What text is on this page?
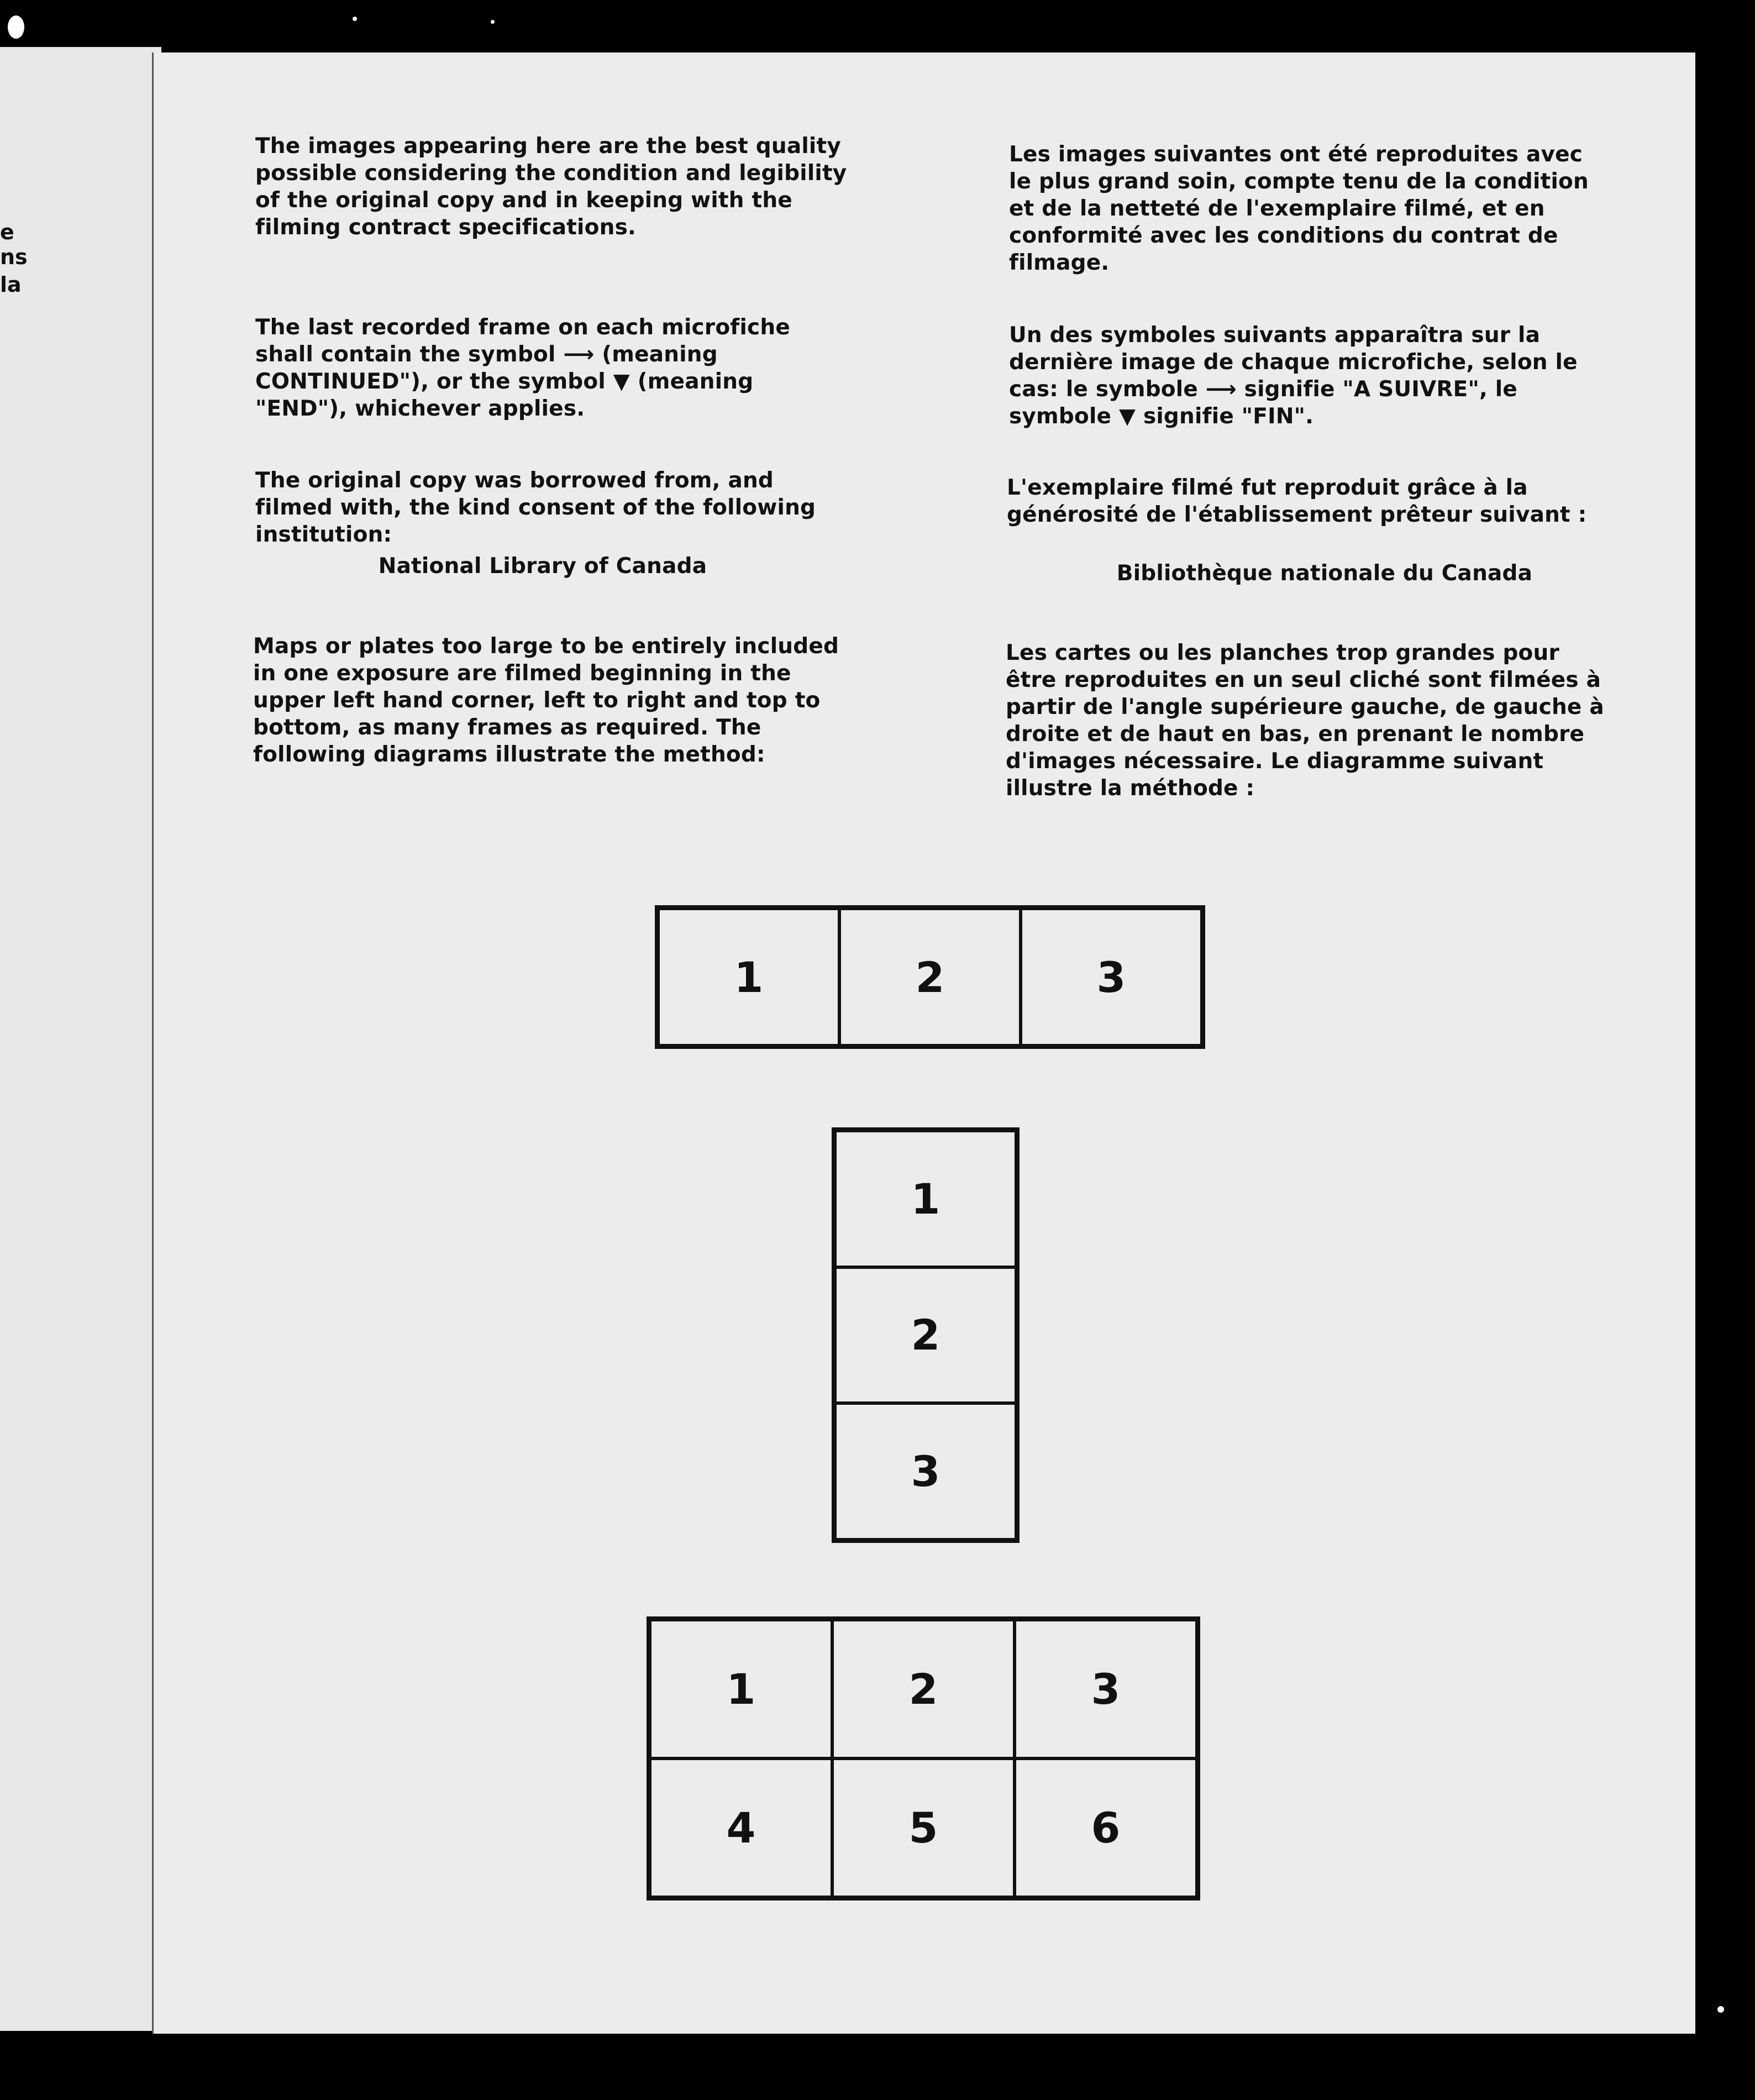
e
ns
la

The images appearing here are the best quality possible considering the condition and legibility of the original copy and in keeping with the filming contract specifications.

The last recorded frame on each microfiche shall contain the symbol ⟶ (meaning CONTINUED"), or the symbol ▼ (meaning "END"), whichever applies.

The original copy was borrowed from, and filmed with, the kind consent of the following institution:

National Library of Canada

Maps or plates too large to be entirely included in one exposure are filmed beginning in the upper left hand corner, left to right and top to bottom, as many frames as required. The following diagrams illustrate the method:

Les images suivantes ont été reproduites avec le plus grand soin, compte tenu de la condition et de la netteté de l'exemplaire filmé, et en conformité avec les conditions du contrat de filmage.

Un des symboles suivants apparaîtra sur la dernière image de chaque microfiche, selon le cas: le symbole ⟶ signifie "A SUIVRE", le symbole ▼ signifie "FIN".

L'exemplaire filmé fut reproduit grâce à la générosité de l'établissement prêteur suivant :

Bibliothèque nationale du Canada

Les cartes ou les planches trop grandes pour être reproduites en un seul cliché sont filmées à partir de l'angle supérieure gauche, de gauche à droite et de haut en bas, en prenant le nombre d'images nécessaire. Le diagramme suivant illustre la méthode :

1	2	3
1
2
3
1	2	3
4	5	6
